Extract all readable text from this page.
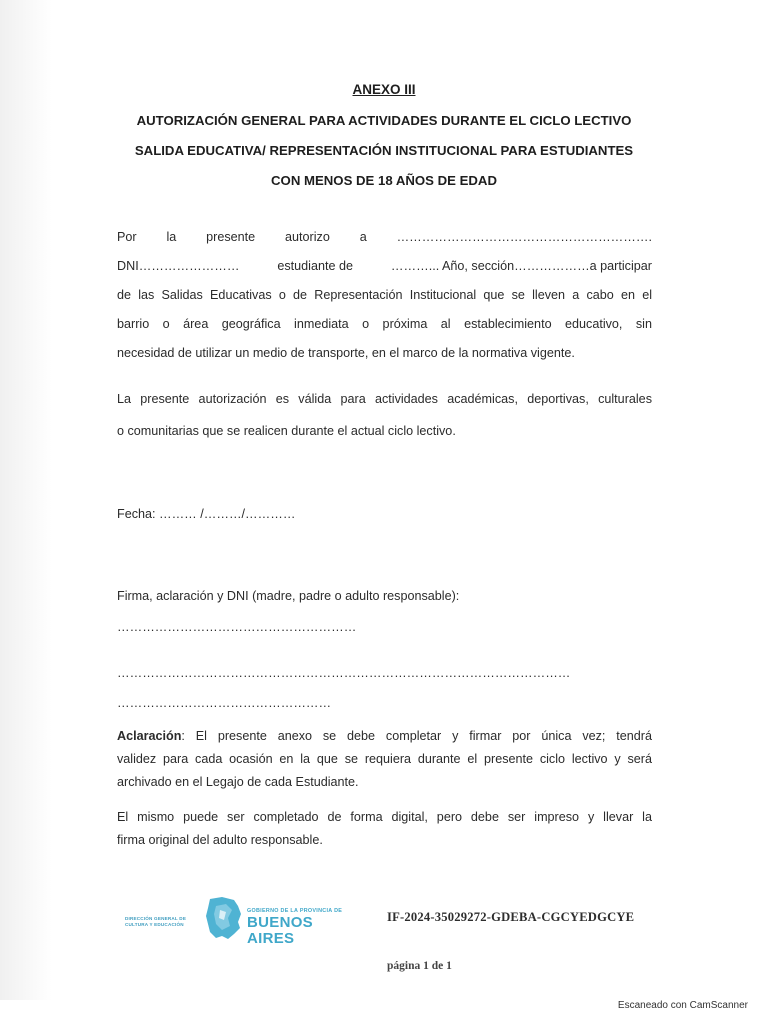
ANEXO III
AUTORIZACIÓN GENERAL PARA ACTIVIDADES DURANTE EL CICLO LECTIVO
SALIDA EDUCATIVA/ REPRESENTACIÓN INSTITUCIONAL PARA ESTUDIANTES
CON MENOS DE 18 AÑOS DE EDAD
Por la presente autorizo a …………………………………………………….
DNI……………………	estudiante de	………... Año, sección………………a participar
de las Salidas Educativas o de Representación Institucional que se lleven a cabo en el
barrio o área geográfica inmediata o próxima al establecimiento educativo, sin
necesidad de utilizar un medio de transporte, en el marco de la normativa vigente.
La presente autorización es válida para actividades académicas, deportivas, culturales
o comunitarias que se realicen durante el actual ciclo lectivo.
Fecha: ……… /………/…………
Firma, aclaración y DNI (madre, padre o adulto responsable):
…………………………………………………
………………………………………………………………………………………………
……………………………………………
Aclaración: El presente anexo se debe completar y firmar por única vez; tendrá
validez para cada ocasión en la que se requiera durante el presente ciclo lectivo y será
archivado en el Legajo de cada Estudiante.
El mismo puede ser completado de forma digital, pero debe ser impreso y llevar la
firma original del adulto responsable.
DIRECCIÓN GENERAL DE
CULTURA Y EDUCACIÓN
GOBIERNO DE LA PROVINCIA DE
BUENOS AIRES
IF-2024-35029272-GDEBA-CGCYEDGCYE
página 1 de 1
Escaneado con CamScanner
